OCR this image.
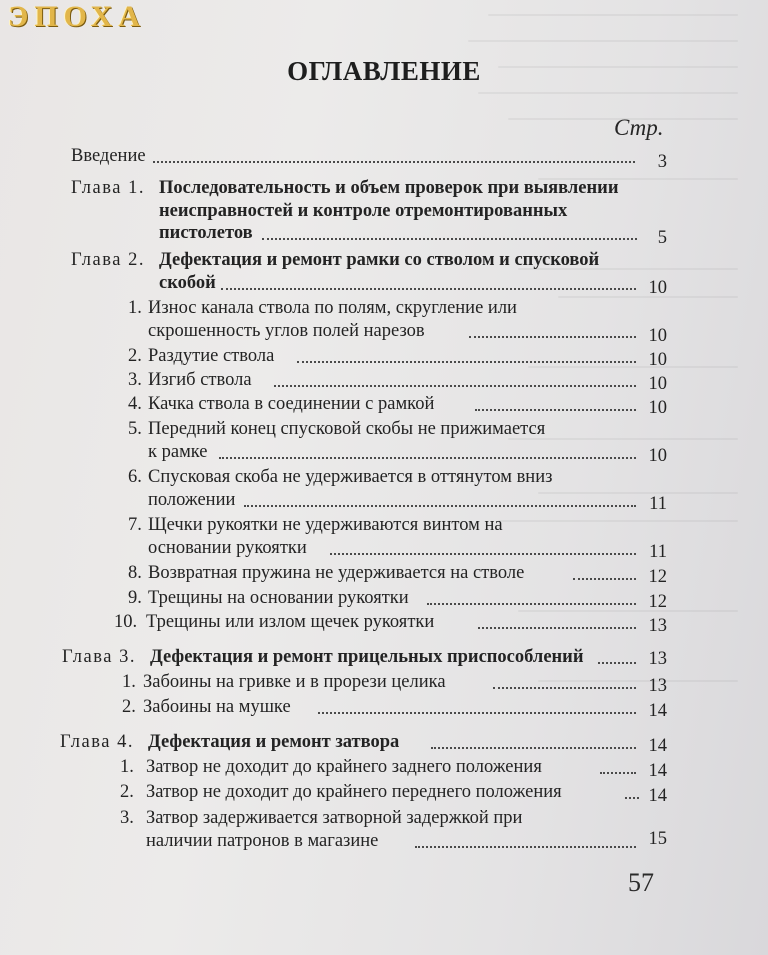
ЭПОХА
ОГЛАВЛЕНИЕ
Стр.
Введение	3
Глава 1. Последовательность и объем проверок при выявлении
неисправностей и контроле отремонтированных
пистолетов	5
Глава 2. Дефектация и ремонт рамки со стволом и спусковой
скобой	10
1. Износ канала ствола по полям, скругление или
скрошенность углов полей нарезов	10
2. Раздутие ствола	10
3. Изгиб ствола	10
4. Качка ствола в соединении с рамкой	10
5. Передний конец спусковой скобы не прижимается
к рамке	10
6. Спусковая скоба не удерживается в оттянутом вниз
положении	11
7. Щечки рукоятки не удерживаются винтом на
основании рукоятки	11
8. Возвратная пружина не удерживается на стволе	12
9. Трещины на основании рукоятки	12
10. Трещины или излом щечек рукоятки	13
Глава 3. Дефектация и ремонт прицельных приспособлений	13
1. Забоины на гривке и в прорези целика	13
2. Забоины на мушке	14
Глава 4. Дефектация и ремонт затвора	14
1. Затвор не доходит до крайнего заднего положения	14
2. Затвор не доходит до крайнего переднего положения	14
3. Затвор задерживается затворной задержкой при
наличии патронов в магазине	15
57
